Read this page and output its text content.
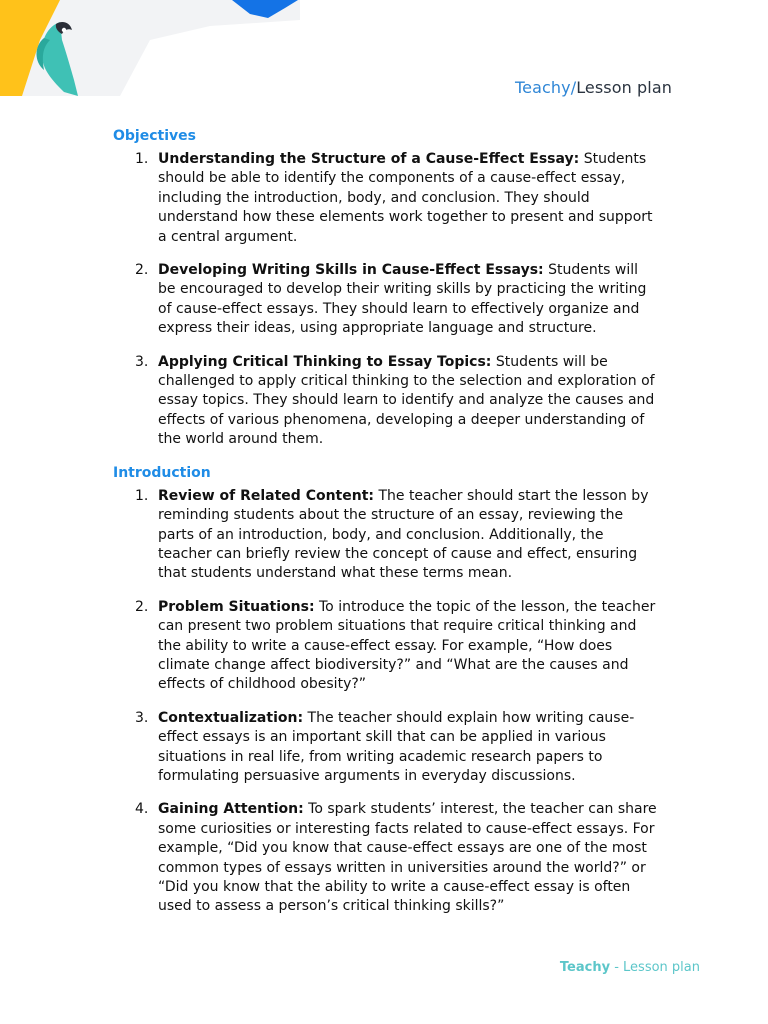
Teachy/Lesson plan
Objectives
1. Understanding the Structure of a Cause-Effect Essay: Students should be able to identify the components of a cause-effect essay, including the introduction, body, and conclusion. They should understand how these elements work together to present and support a central argument.
2. Developing Writing Skills in Cause-Effect Essays: Students will be encouraged to develop their writing skills by practicing the writing of cause-effect essays. They should learn to effectively organize and express their ideas, using appropriate language and structure.
3. Applying Critical Thinking to Essay Topics: Students will be challenged to apply critical thinking to the selection and exploration of essay topics. They should learn to identify and analyze the causes and effects of various phenomena, developing a deeper understanding of the world around them.
Introduction
1. Review of Related Content: The teacher should start the lesson by reminding students about the structure of an essay, reviewing the parts of an introduction, body, and conclusion. Additionally, the teacher can briefly review the concept of cause and effect, ensuring that students understand what these terms mean.
2. Problem Situations: To introduce the topic of the lesson, the teacher can present two problem situations that require critical thinking and the ability to write a cause-effect essay. For example, “How does climate change affect biodiversity?” and “What are the causes and effects of childhood obesity?”
3. Contextualization: The teacher should explain how writing cause-effect essays is an important skill that can be applied in various situations in real life, from writing academic research papers to formulating persuasive arguments in everyday discussions.
4. Gaining Attention: To spark students’ interest, the teacher can share some curiosities or interesting facts related to cause-effect essays. For example, “Did you know that cause-effect essays are one of the most common types of essays written in universities around the world?” or “Did you know that the ability to write a cause-effect essay is often used to assess a person’s critical thinking skills?”
Teachy - Lesson plan
